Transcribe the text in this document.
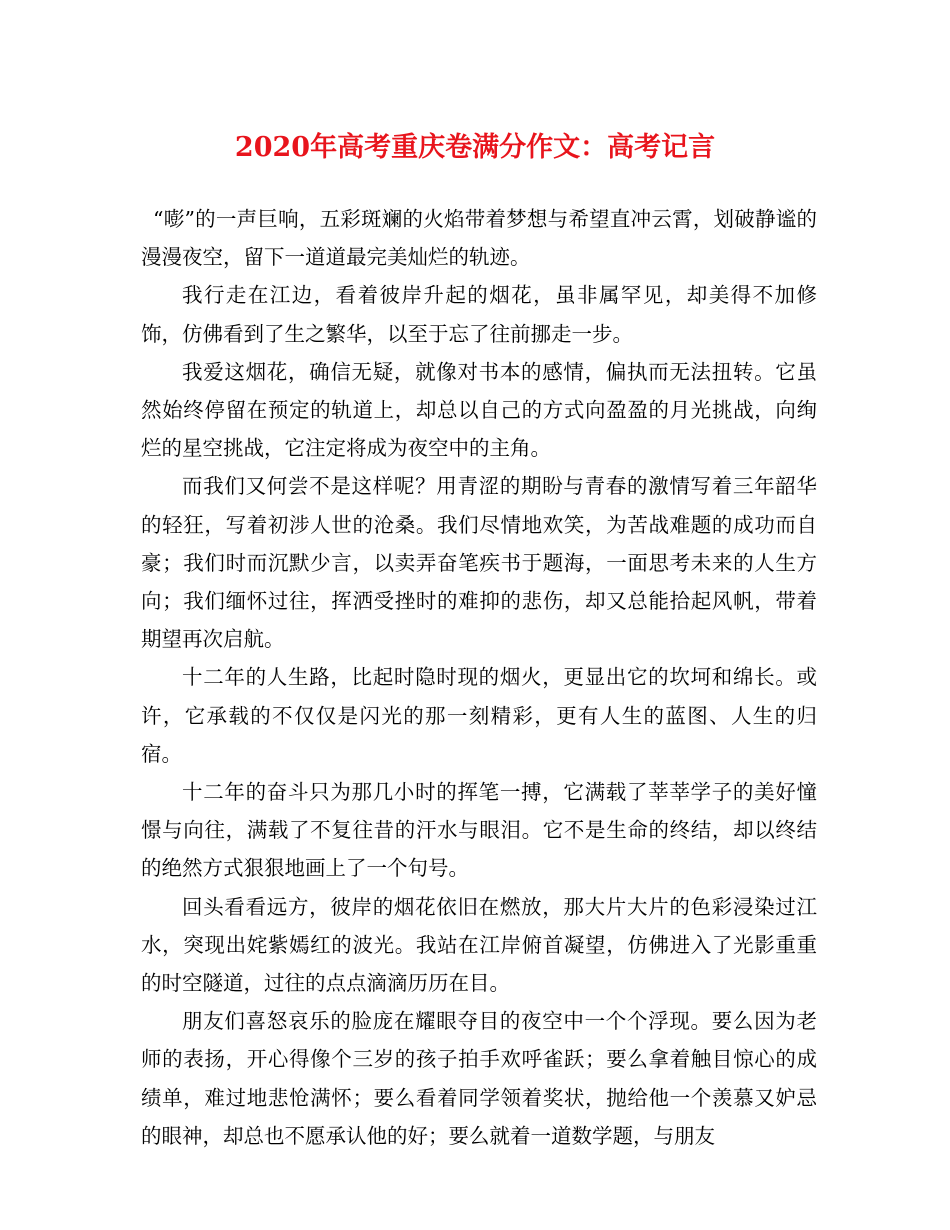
2020年高考重庆卷满分作文：高考记言

“嘭”的一声巨响，五彩斑斓的火焰带着梦想与希望直冲云霄，划破静谧的漫漫夜空，留下一道道最完美灿烂的轨迹。

我行走在江边，看着彼岸升起的烟花，虽非属罕见，却美得不加修饰，仿佛看到了生之繁华，以至于忘了往前挪走一步。

我爱这烟花，确信无疑，就像对书本的感情，偏执而无法扭转。它虽然始终停留在预定的轨道上，却总以自己的方式向盈盈的月光挑战，向绚烂的星空挑战，它注定将成为夜空中的主角。

而我们又何尝不是这样呢？用青涩的期盼与青春的激情写着三年韶华的轻狂，写着初涉人世的沧桑。我们尽情地欢笑，为苦战难题的成功而自豪；我们时而沉默少言，以卖弄奋笔疾书于题海，一面思考未来的人生方向；我们缅怀过往，挥洒受挫时的难抑的悲伤，却又总能拾起风帆，带着期望再次启航。

十二年的人生路，比起时隐时现的烟火，更显出它的坎坷和绵长。或许，它承载的不仅仅是闪光的那一刻精彩，更有人生的蓝图、人生的归宿。

十二年的奋斗只为那几小时的挥笔一搏，它满载了莘莘学子的美好憧憬与向往，满载了不复往昔的汗水与眼泪。它不是生命的终结，却以终结的绝然方式狠狠地画上了一个句号。

回头看看远方，彼岸的烟花依旧在燃放，那大片大片的色彩浸染过江水，突现出姹紫嫣红的波光。我站在江岸俯首凝望，仿佛进入了光影重重的时空隧道，过往的点点滴滴历历在目。

朋友们喜怒哀乐的脸庞在耀眼夺目的夜空中一个个浮现。要么因为老师的表扬，开心得像个三岁的孩子拍手欢呼雀跃；要么拿着触目惊心的成绩单，难过地悲怆满怀；要么看着同学领着奖状，抛给他一个羡慕又妒忌的眼神，却总也不愿承认他的好；要么就着一道数学题，与朋友
